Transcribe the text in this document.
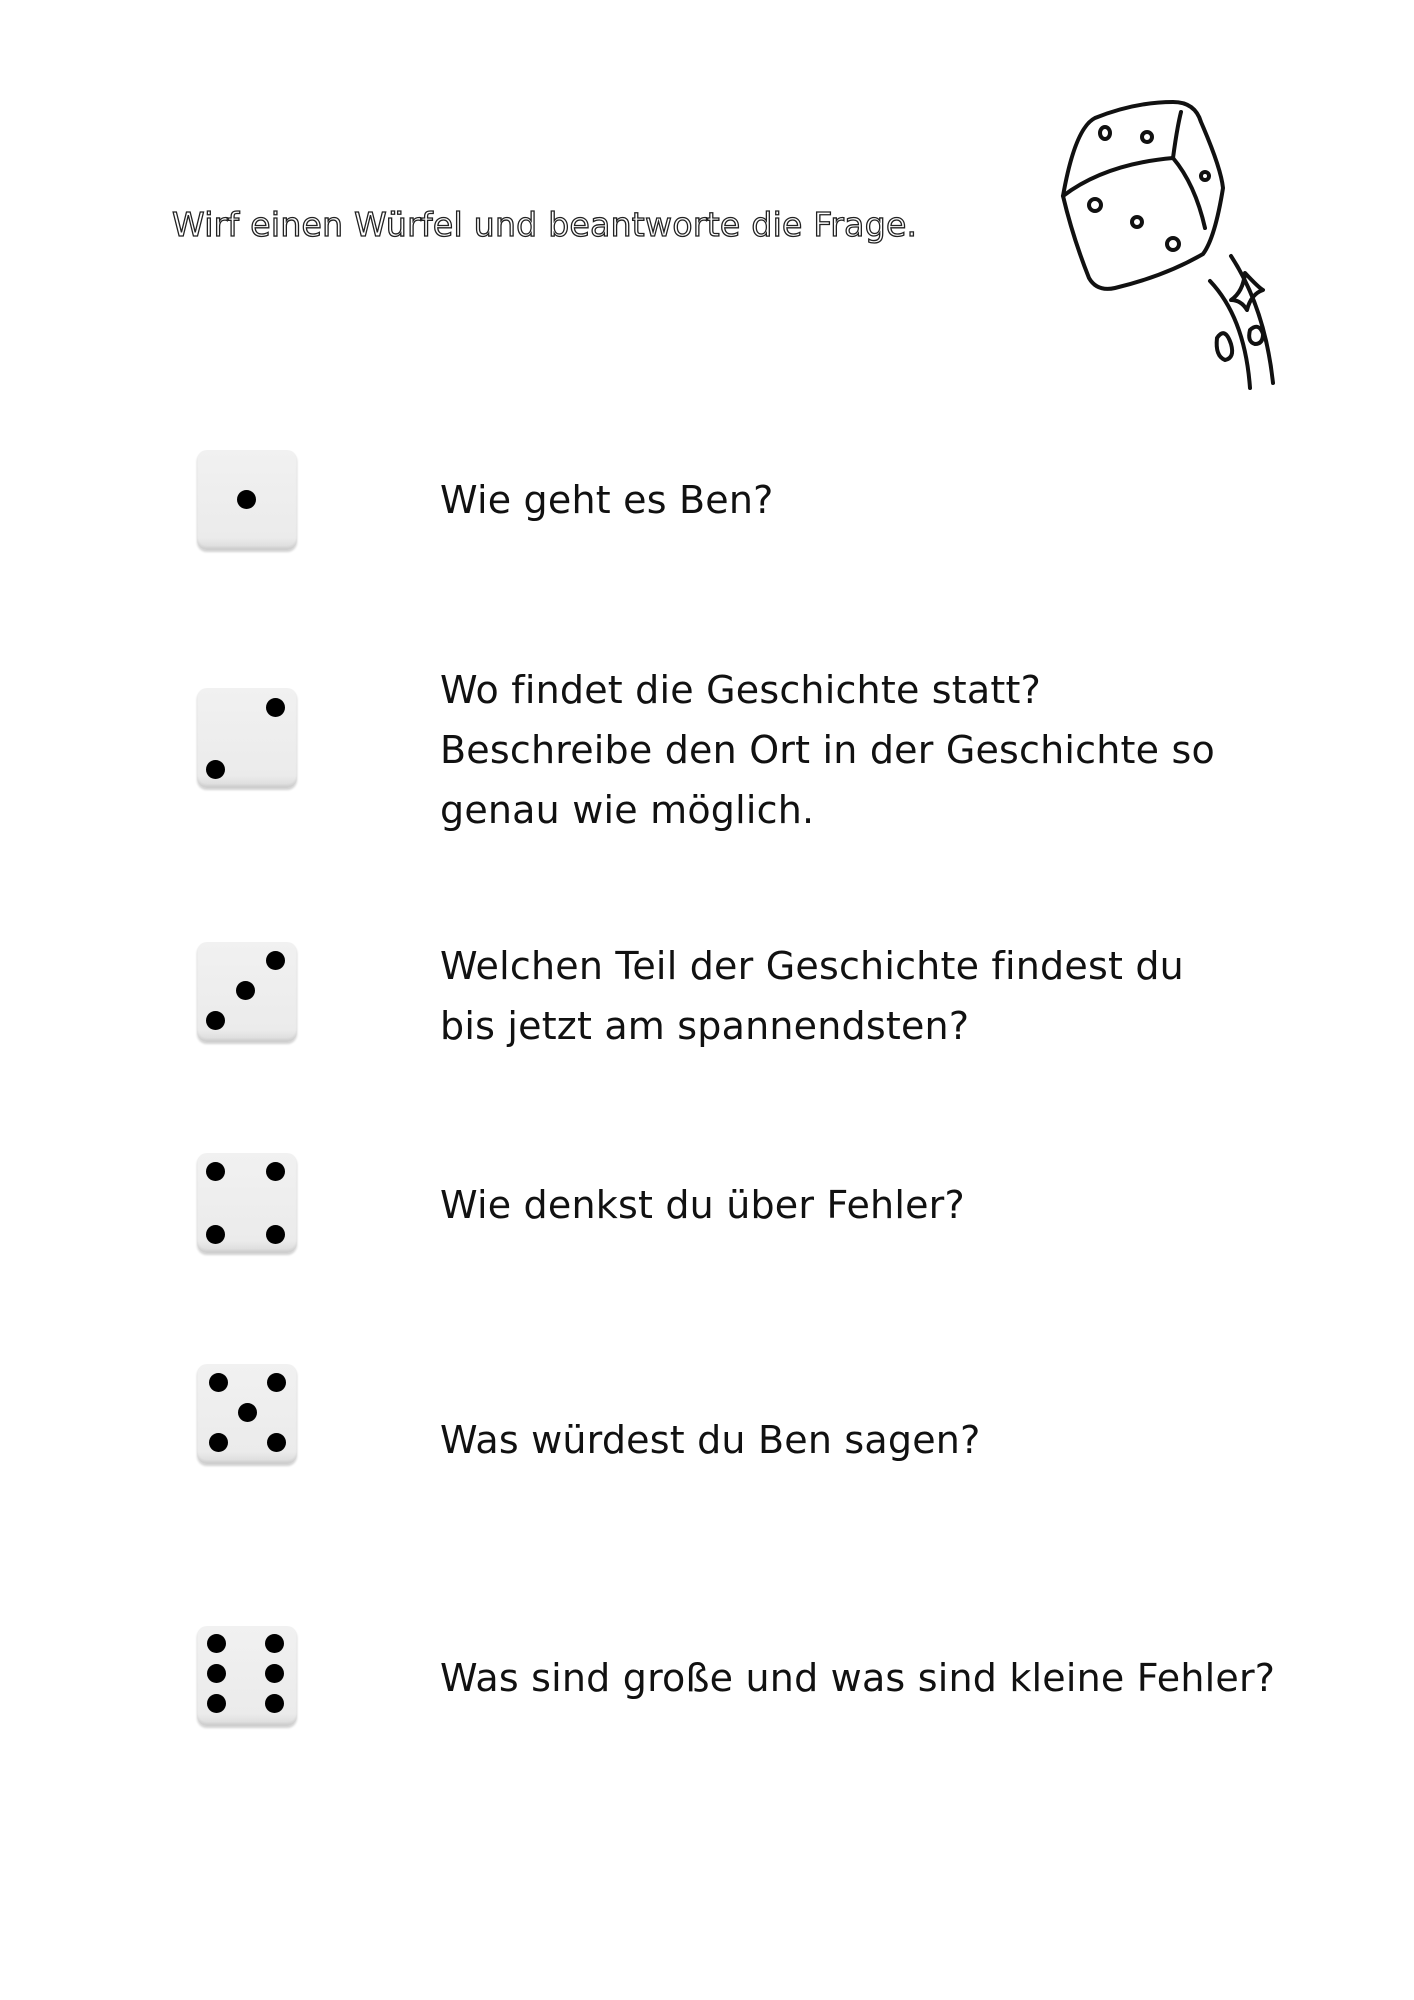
Wirf einen Würfel und beantworte die Frage.
Wie geht es Ben?
Wo findet die Geschichte statt?
Beschreibe den Ort in der Geschichte so
genau wie möglich.
Welchen Teil der Geschichte findest du
bis jetzt am spannendsten?
Wie denkst du über Fehler?
Was würdest du Ben sagen?
Was sind große und was sind kleine Fehler?
